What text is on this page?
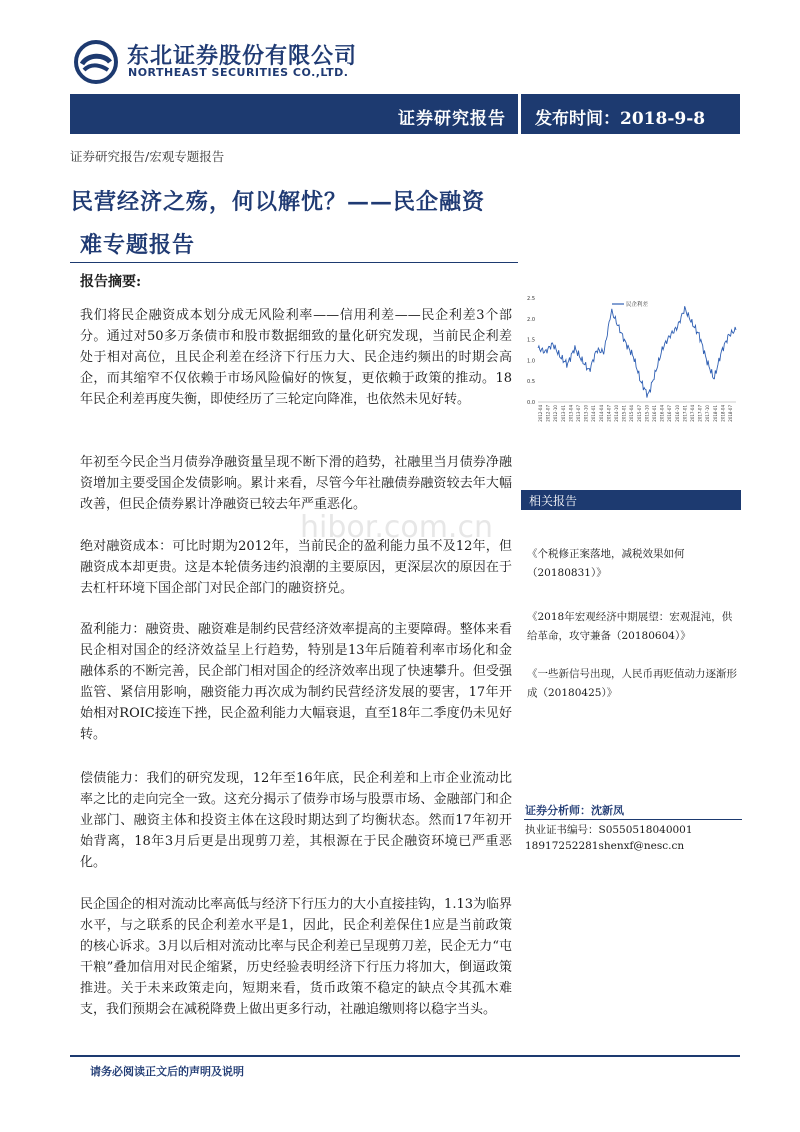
东北证券股份有限公司
NORTHEAST SECURITIES CO.,LTD.
证券研究报告 发布时间：2018-9-8
证券研究报告/宏观专题报告
民营经济之殇，何以解忧？——民企融资
难专题报告
报告摘要:
我们将民企融资成本划分成无风险利率——信用利差——民企利差3个部分。通过对50多万条债市和股市数据细致的量化研究发现，当前民企利差处于相对高位，且民企利差在经济下行压力大、民企违约频出的时期会高企，而其缩窄不仅依赖于市场风险偏好的恢复，更依赖于政策的推动。18年民企利差再度失衡，即使经历了三轮定向降准，也依然未见好转。
年初至今民企当月债券净融资量呈现不断下滑的趋势，社融里当月债券净融资增加主要受国企发债影响。累计来看，尽管今年社融债券融资较去年大幅改善，但民企债券累计净融资已较去年严重恶化。
绝对融资成本：可比时期为2012年，当前民企的盈利能力虽不及12年，但融资成本却更贵。这是本轮债务违约浪潮的主要原因，更深层次的原因在于去杠杆环境下国企部门对民企部门的融资挤兑。
盈利能力：融资贵、融资难是制约民营经济效率提高的主要障碍。整体来看民企相对国企的经济效益呈上行趋势，特别是13年后随着利率市场化和金融体系的不断完善，民企部门相对国企的经济效率出现了快速攀升。但受强监管、紧信用影响，融资能力再次成为制约民营经济发展的要害，17年开始相对ROIC接连下挫，民企盈利能力大幅衰退，直至18年二季度仍未见好转。
偿债能力：我们的研究发现，12年至16年底，民企利差和上市企业流动比率之比的走向完全一致。这充分揭示了债券市场与股票市场、金融部门和企业部门、融资主体和投资主体在这段时期达到了均衡状态。然而17年初开始背离，18年3月后更是出现剪刀差，其根源在于民企融资环境已严重恶化。
民企国企的相对流动比率高低与经济下行压力的大小直接挂钩，1.13为临界水平，与之联系的民企利差水平是1，因此，民企利差保住1应是当前政策的核心诉求。3月以后相对流动比率与民企利差已呈现剪刀差，民企无力“屯干粮”叠加信用对民企缩紧，历史经验表明经济下行压力将加大，倒逼政策推进。关于未来政策走向，短期来看，货币政策不稳定的缺点令其孤木难支，我们预期会在减税降费上做出更多行动，社融追缴则将以稳字当头。
0.0
0.5
1.0
1.5
2.0
2.5
2012-04 2012-07 2012-10 2013-01 2013-04 2013-07 2013-10 2014-01 2014-04 2014-07 2014-10 2015-01 2015-04 2015-07 2015-10 2016-01 2016-04 2016-07 2016-10 2017-01 2017-04 2017-07 2017-10 2018-01 2018-04 2018-07
民企利差
相关报告
《个税修正案落地，减税效果如何（20180831）》
《2018年宏观经济中期展望：宏观混沌，供给革命，攻守兼备（20180604）》
《一些新信号出现，人民币再贬值动力逐渐形成（20180425）》
证券分析师：沈新凤
执业证书编号：S0550518040001
18917252281shenxf@nesc.cn
hibor.com.cn
请务必阅读正文后的声明及说明
